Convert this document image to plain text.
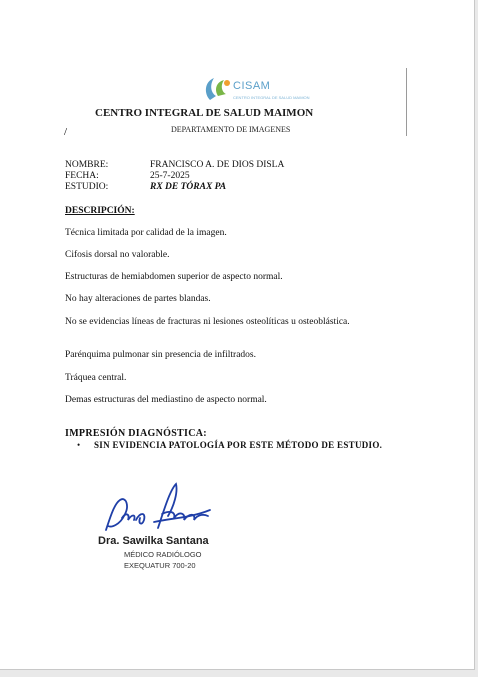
CISAM
CENTRO INTEGRAL DE SALUD MAIMON
CENTRO INTEGRAL DE SALUD MAIMON
/	DEPARTAMENTO DE IMAGENES
NOMBRE:	FRANCISCO A. DE DIOS DISLA
FECHA:	25-7-2025
ESTUDIO:	RX DE TÓRAX PA
DESCRIPCIÓN:
Técnica limitada por calidad de la imagen.
Cifosis dorsal no valorable.
Estructuras de hemiabdomen superior de aspecto normal.
No hay alteraciones de partes blandas.
No se evidencias líneas de fracturas ni lesiones osteolíticas u osteoblástica.
Parénquima pulmonar sin presencia de infiltrados.
Tráquea central.
Demas estructuras del mediastino de aspecto normal.
IMPRESIÓN DIAGNÓSTICA:
• SIN EVIDENCIA PATOLOGÍA POR ESTE MÉTODO DE ESTUDIO.
Dra. Sawilka Santana
MÉDICO RADIÓLOGO
EXEQUATUR 700-20
